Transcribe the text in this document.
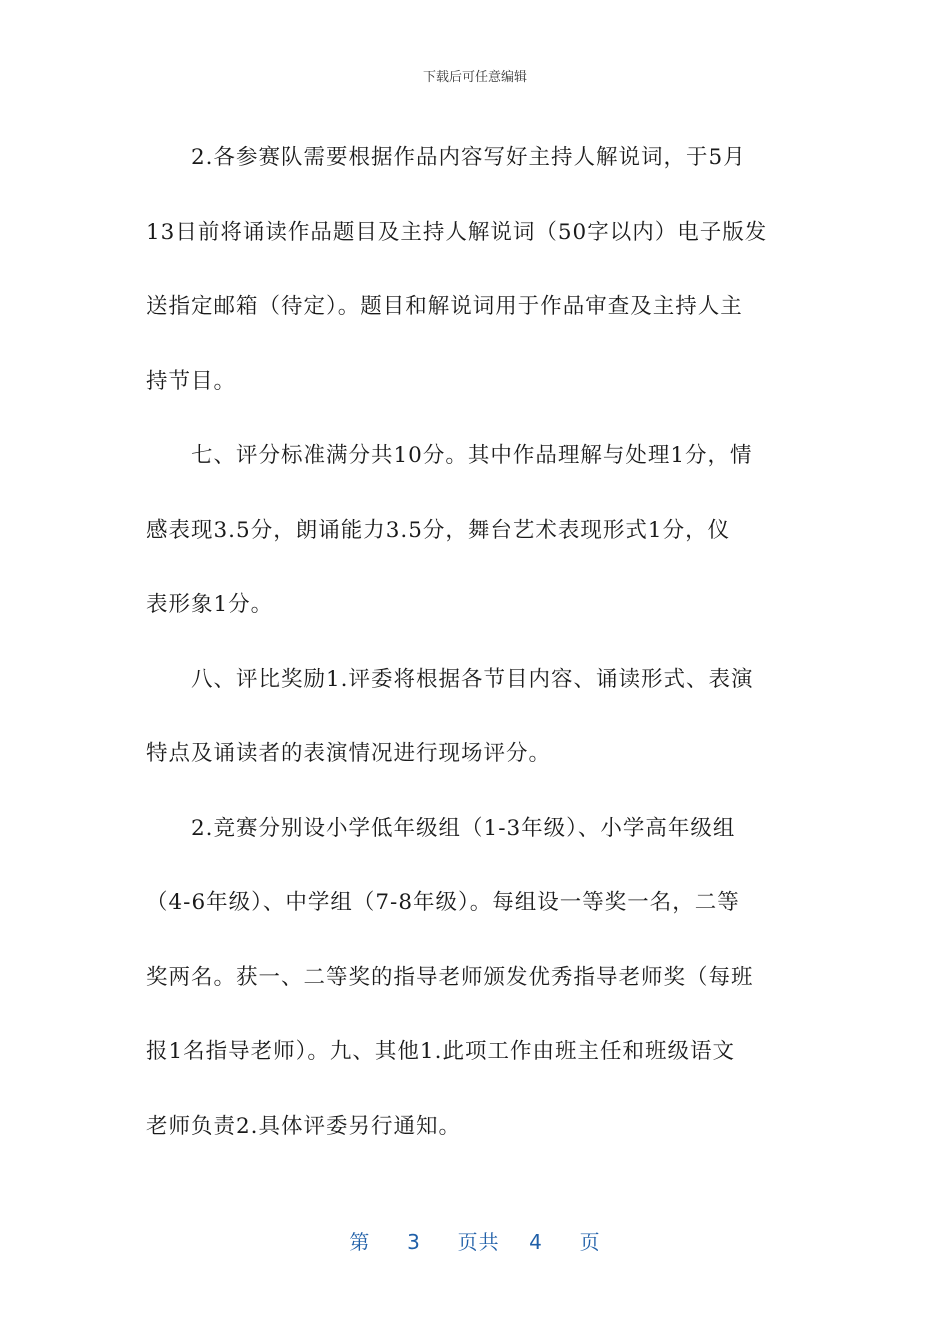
下载后可任意编辑

2.各参赛队需要根据作品内容写好主持人解说词，于5月
13日前将诵读作品题目及主持人解说词（50字以内）电子版发
送指定邮箱（待定）。题目和解说词用于作品审查及主持人主
持节目。

七、评分标准满分共10分。其中作品理解与处理1分，情
感表现3.5分，朗诵能力3.5分，舞台艺术表现形式1分，仪
表形象1分。

八、评比奖励1.评委将根据各节目内容、诵读形式、表演
特点及诵读者的表演情况进行现场评分。

2.竞赛分别设小学低年级组（1-3年级）、小学高年级组
（4-6年级）、中学组（7-8年级）。每组设一等奖一名，二等
奖两名。获一、二等奖的指导老师颁发优秀指导老师奖（每班
报1名指导老师）。九、其他1.此项工作由班主任和班级语文
老师负责2.具体评委另行通知。

第 3 页共 4 页
